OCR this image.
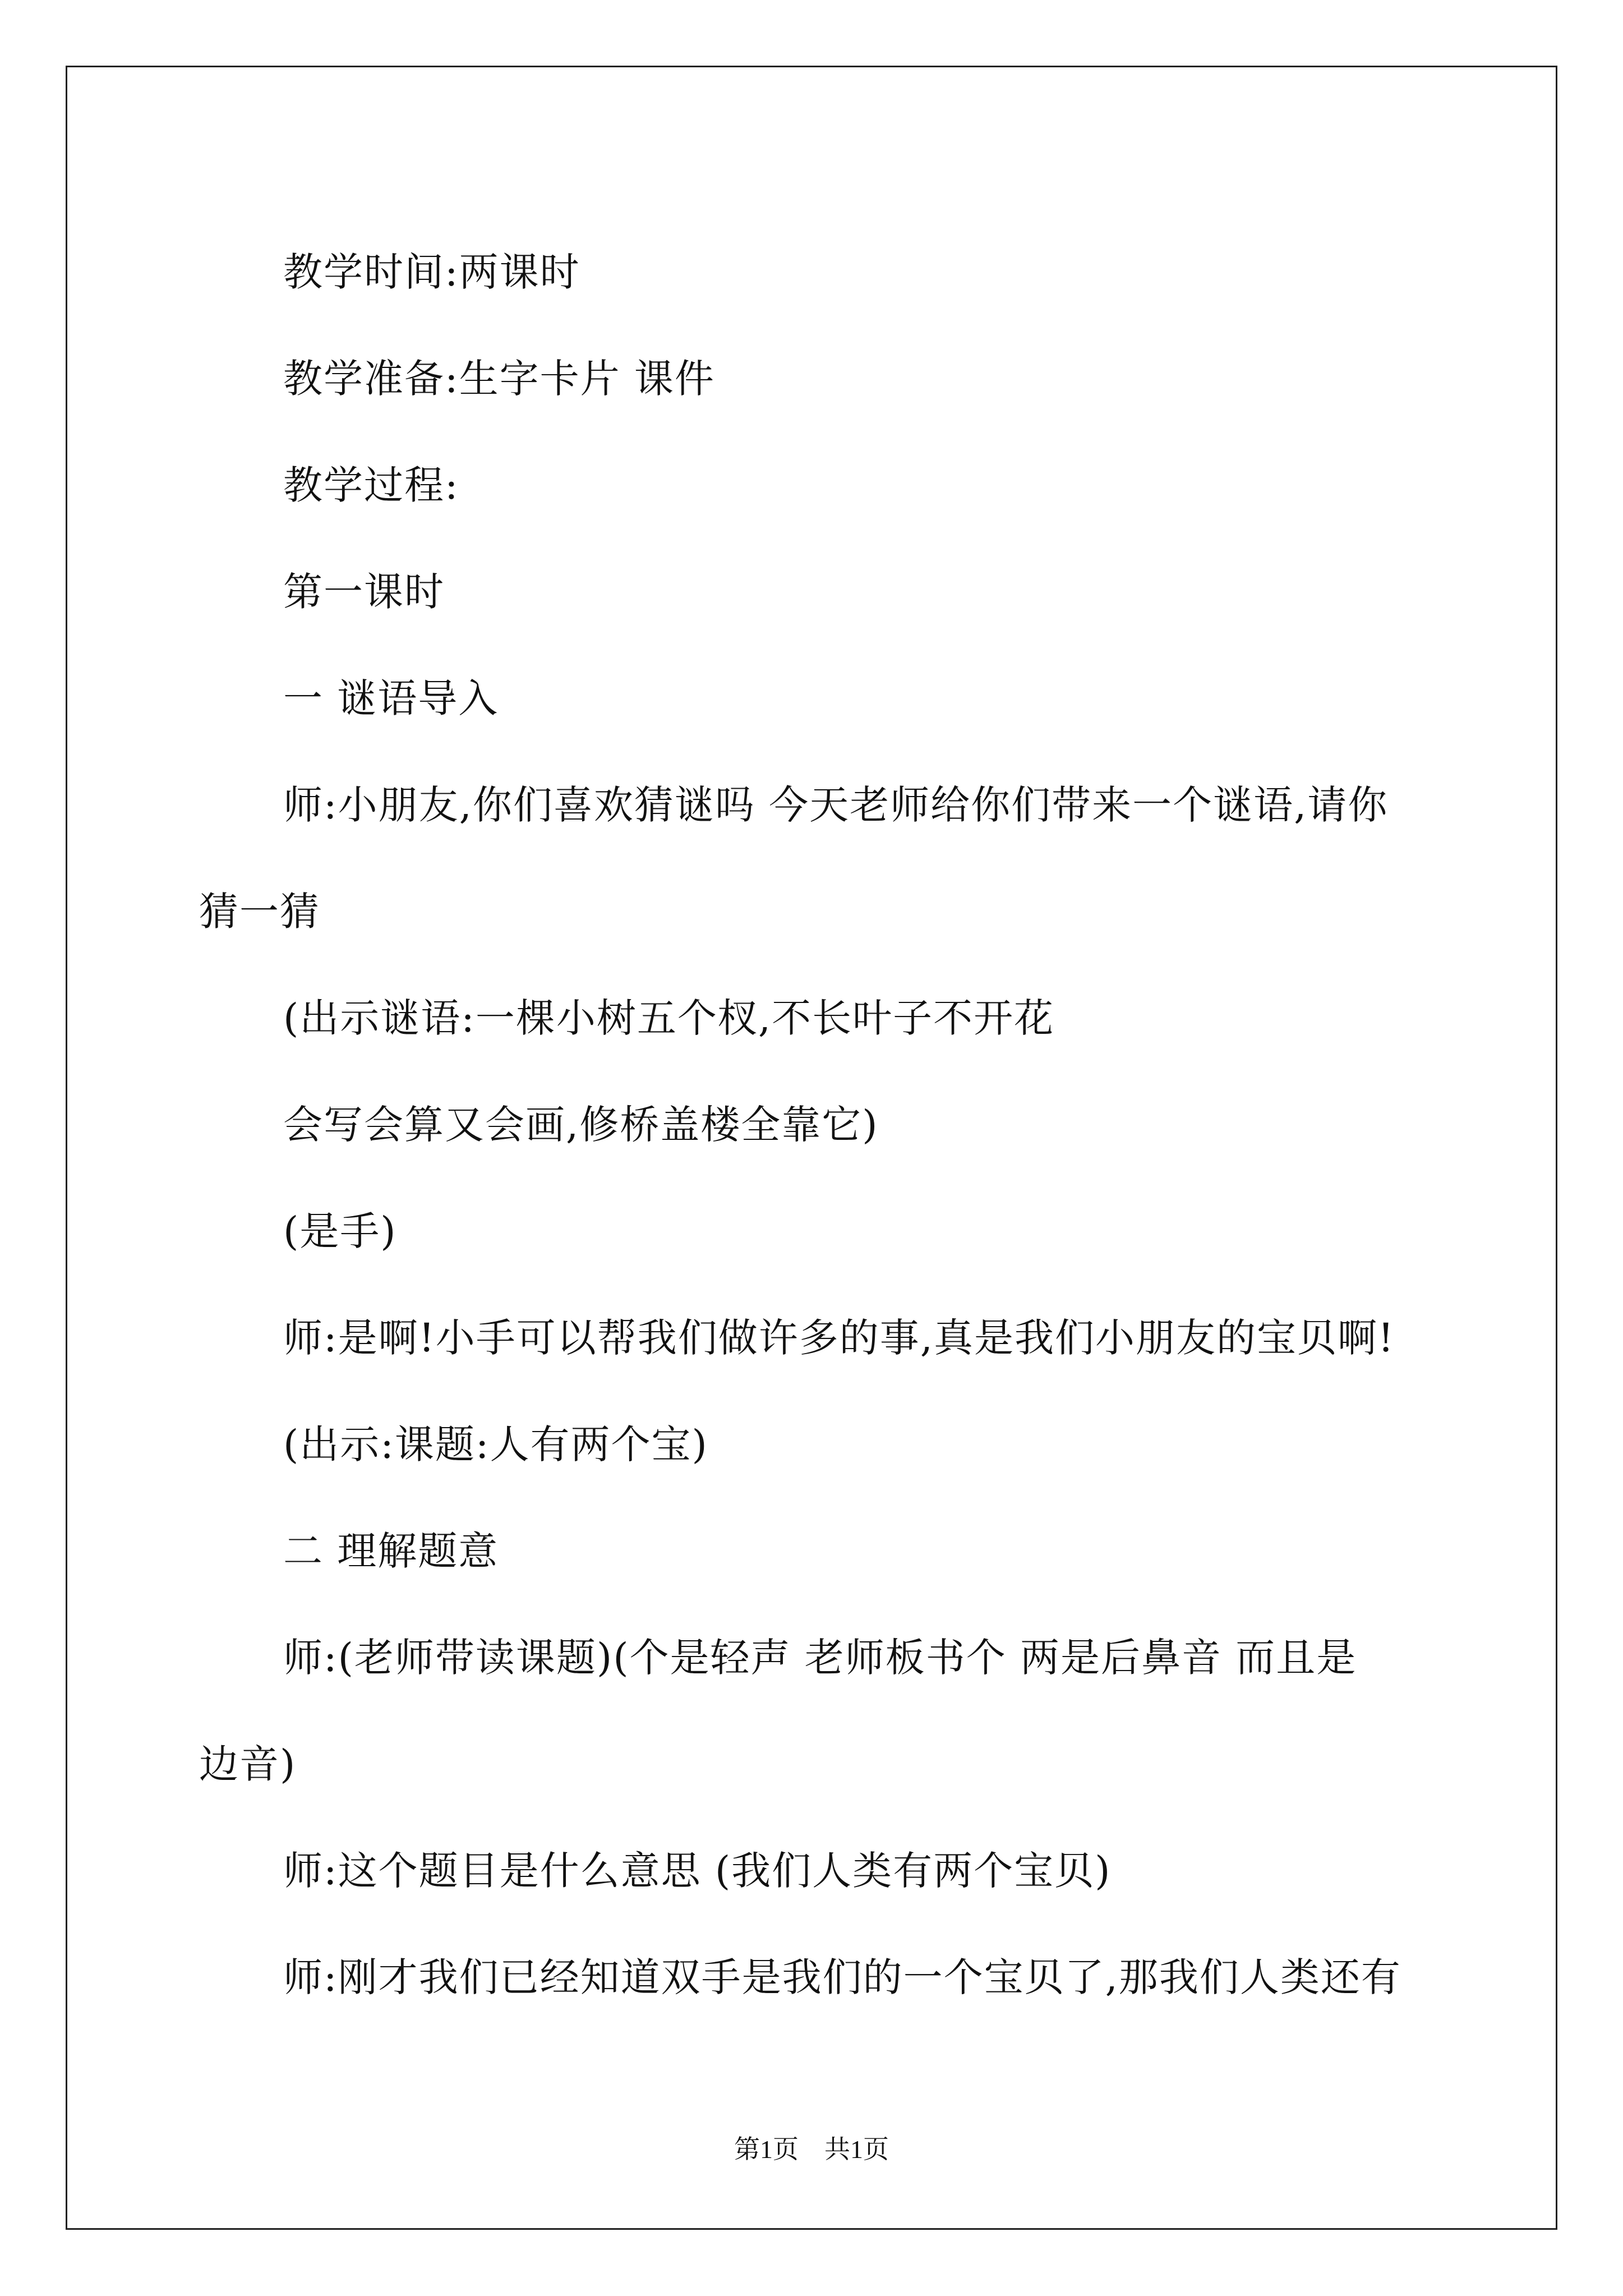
教学时间:两课时

教学准备:生字卡片 课件

教学过程:

第一课时

一 谜语导入

师:小朋友,你们喜欢猜谜吗 今天老师给你们带来一个谜语,请你
猜一猜

(出示谜语:一棵小树五个杈,不长叶子不开花

会写会算又会画,修桥盖楼全靠它)

(是手)

师:是啊!小手可以帮我们做许多的事,真是我们小朋友的宝贝啊!

(出示:课题:人有两个宝)

二 理解题意

师:(老师带读课题)(个是轻声 老师板书个 两是后鼻音 而且是
边音)

师:这个题目是什么意思 (我们人类有两个宝贝)

师:刚才我们已经知道双手是我们的一个宝贝了,那我们人类还有

第1页　共1页
